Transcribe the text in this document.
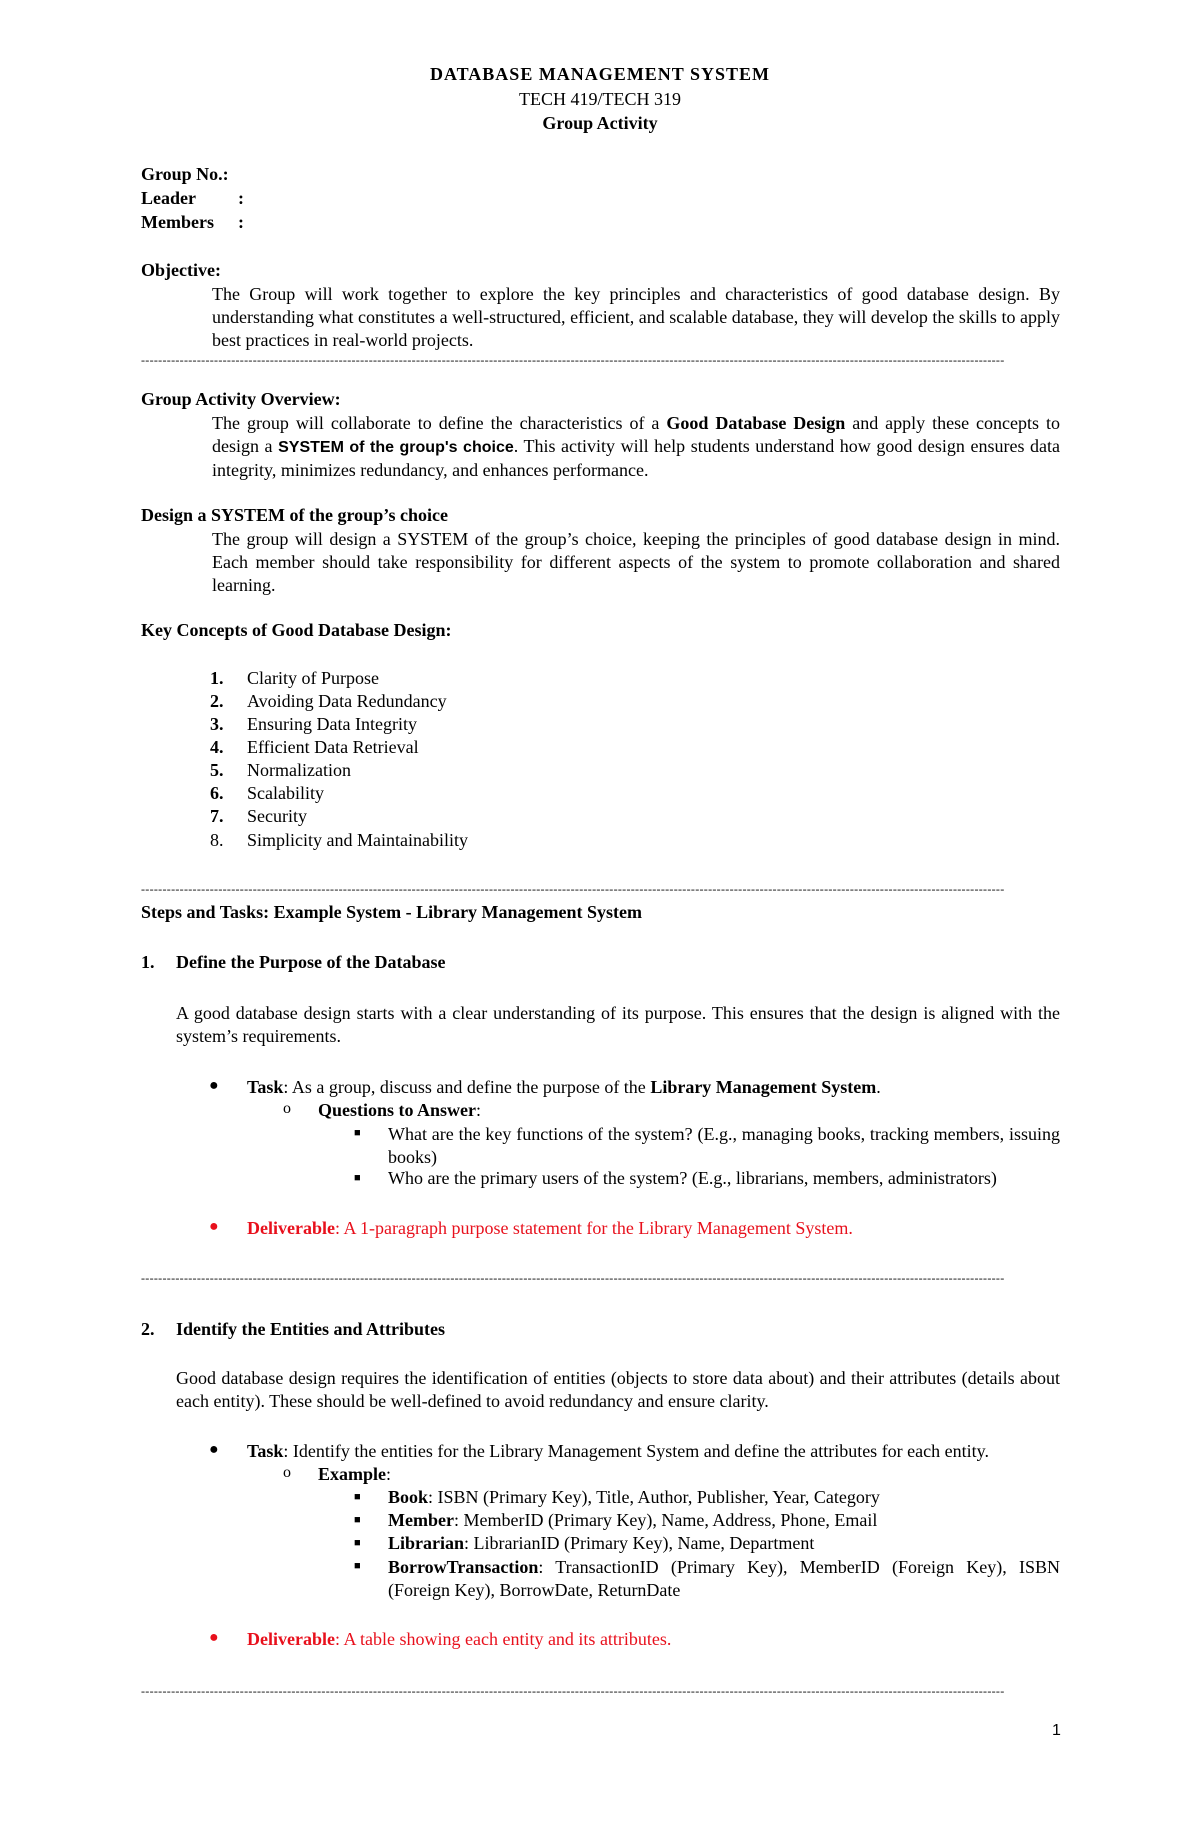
DATABASE MANAGEMENT SYSTEM
TECH 419/TECH 319
Group Activity
Group No.:
Leader :
Members :
Objective:
The Group will work together to explore the key principles and characteristics of good database design. By understanding what constitutes a well-structured, efficient, and scalable database, they will develop the skills to apply best practices in real-world projects.
---------------------------------------------------------------------------------------------------------------------------------------------------------------------------------------------------------
Group Activity Overview:
The group will collaborate to define the characteristics of a Good Database Design and apply these concepts to design a SYSTEM of the group's choice. This activity will help students understand how good design ensures data integrity, minimizes redundancy, and enhances performance.
Design a SYSTEM of the group’s choice
The group will design a SYSTEM of the group’s choice, keeping the principles of good database design in mind. Each member should take responsibility for different aspects of the system to promote collaboration and shared learning.
Key Concepts of Good Database Design:
1. Clarity of Purpose
2. Avoiding Data Redundancy
3. Ensuring Data Integrity
4. Efficient Data Retrieval
5. Normalization
6. Scalability
7. Security
8. Simplicity and Maintainability
---------------------------------------------------------------------------------------------------------------------------------------------------------------------------------------------------------
Steps and Tasks: Example System - Library Management System
1. Define the Purpose of the Database
A good database design starts with a clear understanding of its purpose. This ensures that the design is aligned with the system’s requirements.
● Task: As a group, discuss and define the purpose of the Library Management System.
o Questions to Answer:
■ What are the key functions of the system? (E.g., managing books, tracking members, issuing books)
■ Who are the primary users of the system? (E.g., librarians, members, administrators)
● Deliverable: A 1-paragraph purpose statement for the Library Management System.
---------------------------------------------------------------------------------------------------------------------------------------------------------------------------------------------------------
2. Identify the Entities and Attributes
Good database design requires the identification of entities (objects to store data about) and their attributes (details about each entity). These should be well-defined to avoid redundancy and ensure clarity.
● Task: Identify the entities for the Library Management System and define the attributes for each entity.
o Example:
■ Book: ISBN (Primary Key), Title, Author, Publisher, Year, Category
■ Member: MemberID (Primary Key), Name, Address, Phone, Email
■ Librarian: LibrarianID (Primary Key), Name, Department
■ BorrowTransaction: TransactionID (Primary Key), MemberID (Foreign Key), ISBN (Foreign Key), BorrowDate, ReturnDate
● Deliverable: A table showing each entity and its attributes.
---------------------------------------------------------------------------------------------------------------------------------------------------------------------------------------------------------
1
